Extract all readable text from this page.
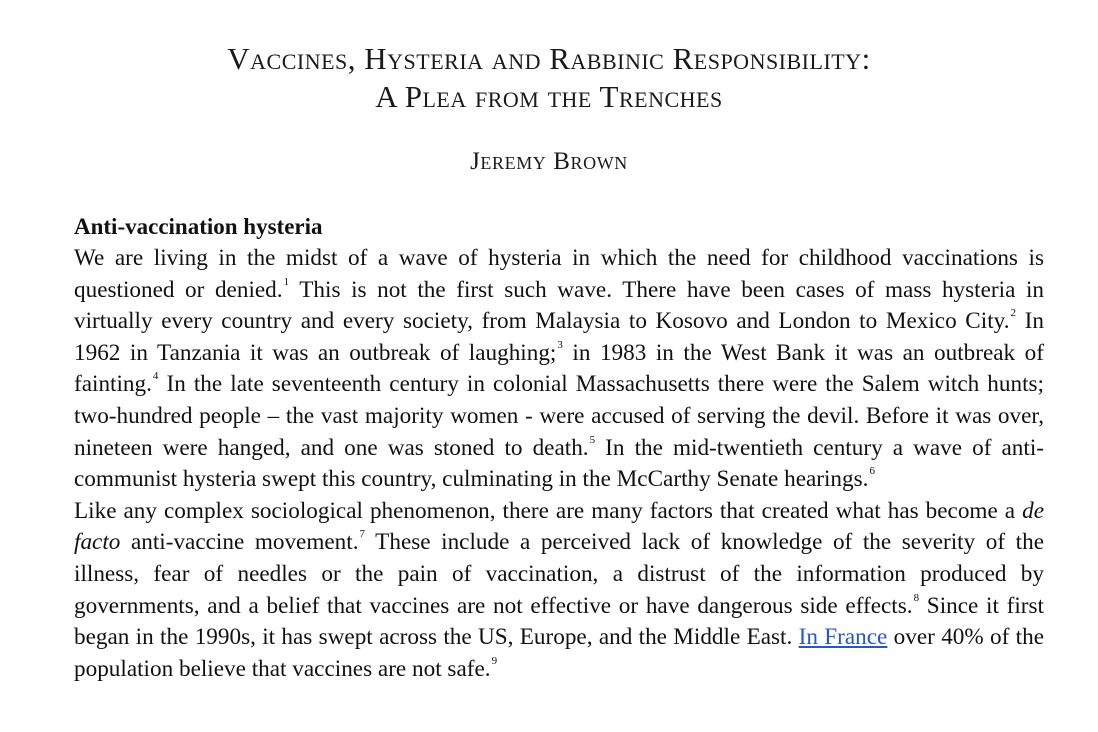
Vaccines, Hysteria and Rabbinic Responsibility:
A Plea from the Trenches
Jeremy Brown

Anti-vaccination hysteria

We are living in the midst of a wave of hysteria in which the need for childhood vaccinations is questioned or denied.$^1$ This is not the first such wave. There have been cases of mass hysteria in virtually every country and every society, from Malaysia to Kosovo and London to Mexico City.$^2$ In 1962 in Tanzania it was an outbreak of laughing;$^3$ in 1983 in the West Bank it was an outbreak of fainting.$^4$ In the late seventeenth century in colonial Massachusetts there were the Salem witch hunts; two-hundred people – the vast majority women - were accused of serving the devil. Before it was over, nineteen were hanged, and one was stoned to death.$^5$ In the mid-twentieth century a wave of anti-communist hysteria swept this country, culminating in the McCarthy Senate hearings.$^6$

Like any complex sociological phenomenon, there are many factors that created what has become a de facto anti-vaccine movement.$^7$ These include a perceived lack of knowledge of the severity of the illness, fear of needles or the pain of vaccination, a distrust of the information produced by governments, and a belief that vaccines are not effective or have dangerous side effects.$^8$ Since it first began in the 1990s, it has swept across the US, Europe, and the Middle East. In France over 40% of the population believe that vaccines are not safe.$^9$
